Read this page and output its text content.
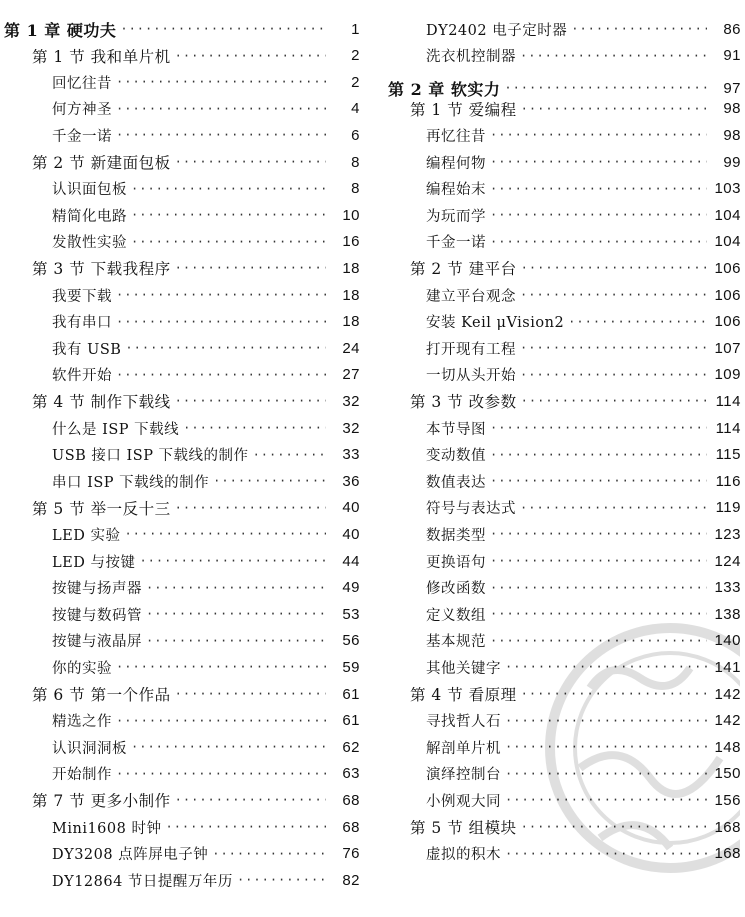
第 1 章 硬功夫 ·····	1
第 1 节 我和单片机 ·····	2
回忆往昔 ·····	2
何方神圣 ·····	4
千金一诺 ·····	6
第 2 节 新建面包板 ·····	8
认识面包板 ·····	8
精简化电路 ·····	10
发散性实验 ·····	16
第 3 节 下载我程序 ·····	18
我要下载 ·····	18
我有串口 ·····	18
我有 USB ·····	24
软件开始 ·····	27
第 4 节 制作下载线 ·····	32
什么是 ISP 下载线 ·····	32
USB 接口 ISP 下载线的制作 ·····	33
串口 ISP 下载线的制作 ·····	36
第 5 节 举一反十三 ·····	40
LED 实验 ·····	40
LED 与按键 ·····	44
按键与扬声器 ·····	49
按键与数码管 ·····	53
按键与液晶屏 ·····	56
你的实验 ·····	59
第 6 节 第一个作品 ·····	61
精选之作 ·····	61
认识洞洞板 ·····	62
开始制作 ·····	63
第 7 节 更多小制作 ·····	68
Mini1608 时钟 ·····	68
DY3208 点阵屏电子钟 ·····	76
DY12864 节日提醒万年历 ·····	82
DY2402 电子定时器 ·····	86
洗衣机控制器 ·····	91
第 2 章 软实力 ·····	97
第 1 节 爱编程 ·····	98
再忆往昔 ·····	98
编程何物 ·····	99
编程始末 ·····	103
为玩而学 ·····	104
千金一诺 ·····	104
第 2 节 建平台 ·····	106
建立平台观念 ·····	106
安装 Keil μVision2 ·····	106
打开现有工程 ·····	107
一切从头开始 ·····	109
第 3 节 改参数 ·····	114
本节导图 ·····	114
变动数值 ·····	115
数值表达 ·····	116
符号与表达式 ·····	119
数据类型 ·····	123
更换语句 ·····	124
修改函数 ·····	133
定义数组 ·····	138
基本规范 ·····	140
其他关键字 ·····	141
第 4 节 看原理 ·····	142
寻找哲人石 ·····	142
解剖单片机 ·····	148
演绎控制台 ·····	150
小例观大同 ·····	156
第 5 节 组模块 ·····	168
虚拟的积木 ·····	168
